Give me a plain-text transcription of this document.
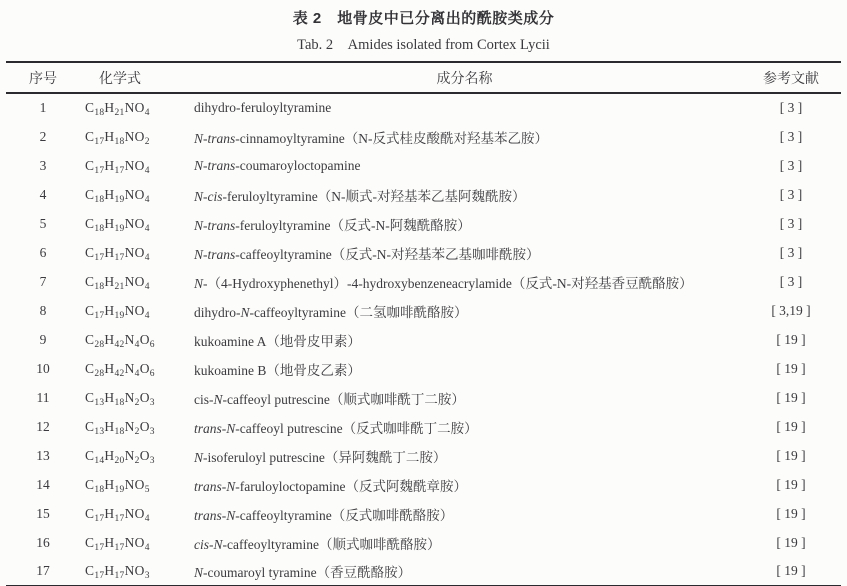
表 2　地骨皮中已分离出的酰胺类成分
Tab. 2　Amides isolated from Cortex Lycii
序号	化学式	成分名称	参考文献
1	$C_{18}H_{21}NO_4$	dihydro-feruloyltyramine	[ 3 ]
2	$C_{17}H_{18}NO_2$	N-trans-cinnamoyltyramine（N-反式桂皮酸酰对羟基苯乙胺）	[ 3 ]
3	$C_{17}H_{17}NO_4$	N-trans-coumaroyloctopamine	[ 3 ]
4	$C_{18}H_{19}NO_4$	N-cis-feruloyltyramine（N-顺式-对羟基苯乙基阿魏酰胺）	[ 3 ]
5	$C_{18}H_{19}NO_4$	N-trans-feruloyltyramine（反式-N-阿魏酰酪胺）	[ 3 ]
6	$C_{17}H_{17}NO_4$	N-trans-caffeoyltyramine（反式-N-对羟基苯乙基咖啡酰胺）	[ 3 ]
7	$C_{18}H_{21}NO_4$	N-（4-Hydroxyphenethyl）-4-hydroxybenzeneacrylamide（反式-N-对羟基香豆酰酪胺）	[ 3 ]
8	$C_{17}H_{19}NO_4$	dihydro-N-caffeoyltyramine（二氢咖啡酰酪胺）	[ 3,19 ]
9	$C_{28}H_{42}N_4O_6$	kukoamine A（地骨皮甲素）	[ 19 ]
10	$C_{28}H_{42}N_4O_6$	kukoamine B（地骨皮乙素）	[ 19 ]
11	$C_{13}H_{18}N_2O_3$	cis-N-caffeoyl putrescine（顺式咖啡酰丁二胺）	[ 19 ]
12	$C_{13}H_{18}N_2O_3$	trans-N-caffeoyl putrescine（反式咖啡酰丁二胺）	[ 19 ]
13	$C_{14}H_{20}N_2O_3$	N-isoferuloyl putrescine（异阿魏酰丁二胺）	[ 19 ]
14	$C_{18}H_{19}NO_5$	trans-N-faruloyloctopamine（反式阿魏酰章胺）	[ 19 ]
15	$C_{17}H_{17}NO_4$	trans-N-caffeoyltyramine（反式咖啡酰酪胺）	[ 19 ]
16	$C_{17}H_{17}NO_4$	cis-N-caffeoyltyramine（顺式咖啡酰酪胺）	[ 19 ]
17	$C_{17}H_{17}NO_3$	N-coumaroyl tyramine（香豆酰酪胺）	[ 19 ]
